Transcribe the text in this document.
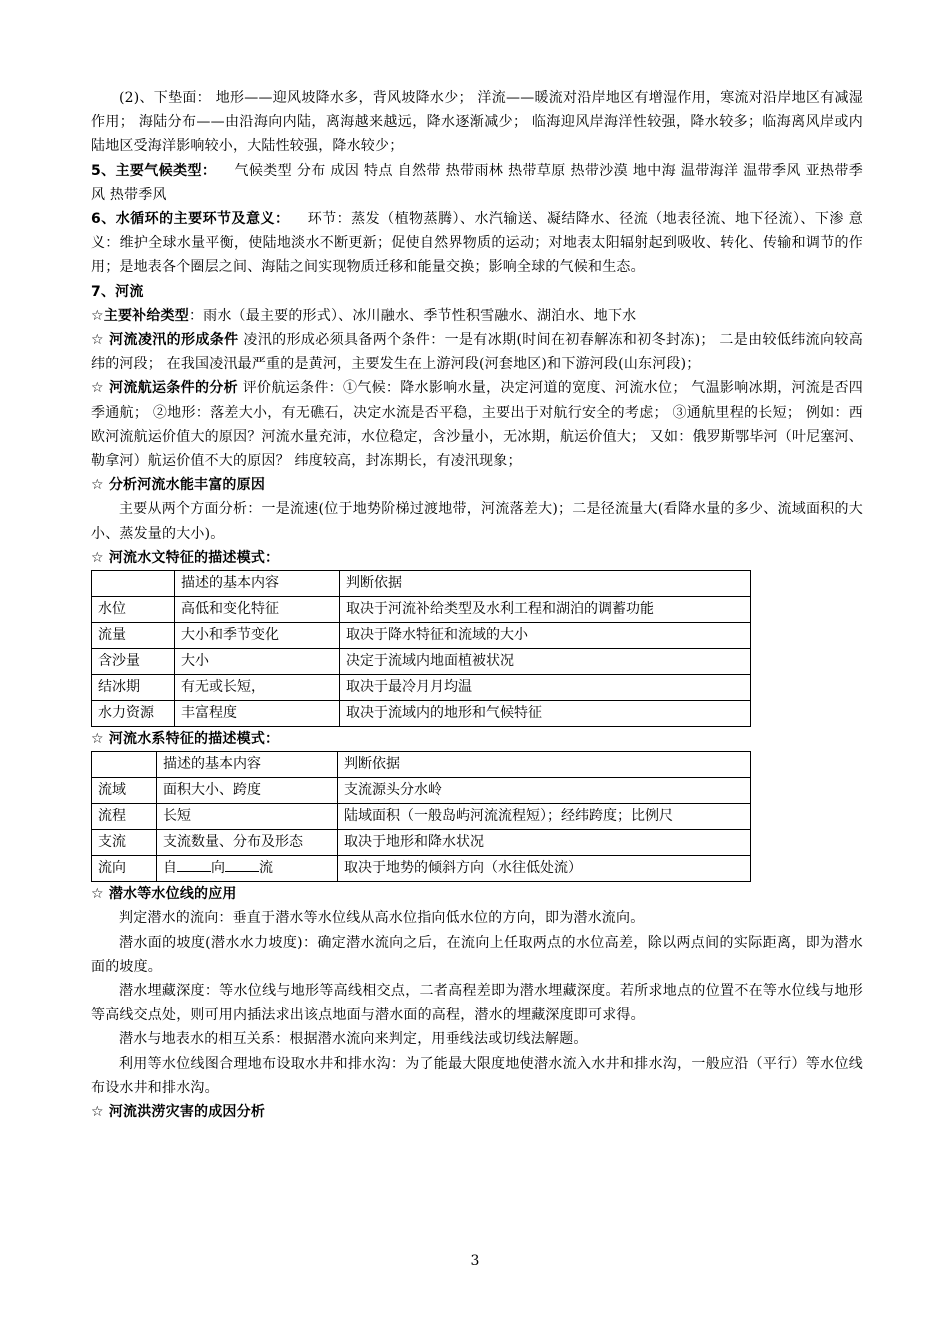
(2)、下垫面： 地形——迎风坡降水多，背风坡降水少； 洋流——暖流对沿岸地区有增湿作用，寒流对沿岸地区有减湿作用； 海陆分布——由沿海向内陆，离海越来越远，降水逐渐减少； 临海迎风岸海洋性较强，降水较多；临海离风岸或内陆地区受海洋影响较小，大陆性较强，降水较少；

5、主要气候类型： 气候类型 分布 成因 特点 自然带 热带雨林 热带草原 热带沙漠 地中海 温带海洋 温带季风 亚热带季风 热带季风

6、水循环的主要环节及意义： 环节：蒸发（植物蒸腾）、水汽输送、凝结降水、径流（地表径流、地下径流）、下渗 意义：维护全球水量平衡，使陆地淡水不断更新；促使自然界物质的运动；对地表太阳辐射起到吸收、转化、传输和调节的作用；是地表各个圈层之间、海陆之间实现物质迁移和能量交换；影响全球的气候和生态。

7、河流

☆主要补给类型：雨水（最主要的形式）、冰川融水、季节性积雪融水、湖泊水、地下水

☆ 河流凌汛的形成条件 凌汛的形成必须具备两个条件：一是有冰期(时间在初春解冻和初冬封冻)； 二是由较低纬流向较高纬的河段； 在我国凌汛最严重的是黄河，主要发生在上游河段(河套地区)和下游河段(山东河段)；

☆ 河流航运条件的分析 评价航运条件：①气候：降水影响水量，决定河道的宽度、河流水位； 气温影响冰期，河流是否四季通航； ②地形：落差大小，有无礁石，决定水流是否平稳，主要出于对航行安全的考虑； ③通航里程的长短； 例如：西欧河流航运价值大的原因？河流水量充沛，水位稳定，含沙量小，无冰期，航运价值大； 又如：俄罗斯鄂毕河（叶尼塞河、勒拿河）航运价值不大的原因？ 纬度较高，封冻期长，有凌汛现象；

☆ 分析河流水能丰富的原因

主要从两个方面分析：一是流速(位于地势阶梯过渡地带，河流落差大)；二是径流量大(看降水量的多少、流域面积的大小、蒸发量的大小)。

☆ 河流水文特征的描述模式：

	描述的基本内容	判断依据
水位	高低和变化特征	取决于河流补给类型及水利工程和湖泊的调蓄功能
流量	大小和季节变化	取决于降水特征和流域的大小
含沙量	大小	决定于流域内地面植被状况
结冰期	有无或长短，	取决于最冷月月均温
水力资源	丰富程度	取决于流域内的地形和气候特征

☆ 河流水系特征的描述模式：

	描述的基本内容	判断依据
流域	面积大小、跨度	支流源头分水岭
流程	长短	陆域面积（一般岛屿河流流程短）；经纬跨度；比例尺
支流	支流数量、分布及形态	取决于地形和降水状况
流向	自 向 流	取决于地势的倾斜方向（水往低处流）

☆ 潜水等水位线的应用

判定潜水的流向：垂直于潜水等水位线从高水位指向低水位的方向，即为潜水流向。

潜水面的坡度(潜水水力坡度)：确定潜水流向之后，在流向上任取两点的水位高差，除以两点间的实际距离，即为潜水面的坡度。

潜水埋藏深度：等水位线与地形等高线相交点，二者高程差即为潜水埋藏深度。若所求地点的位置不在等水位线与地形等高线交点处，则可用内插法求出该点地面与潜水面的高程，潜水的埋藏深度即可求得。

潜水与地表水的相互关系：根据潜水流向来判定，用垂线法或切线法解题。

利用等水位线图合理地布设取水井和排水沟：为了能最大限度地使潜水流入水井和排水沟，一般应沿（平行）等水位线布设水井和排水沟。

☆ 河流洪涝灾害的成因分析

3
